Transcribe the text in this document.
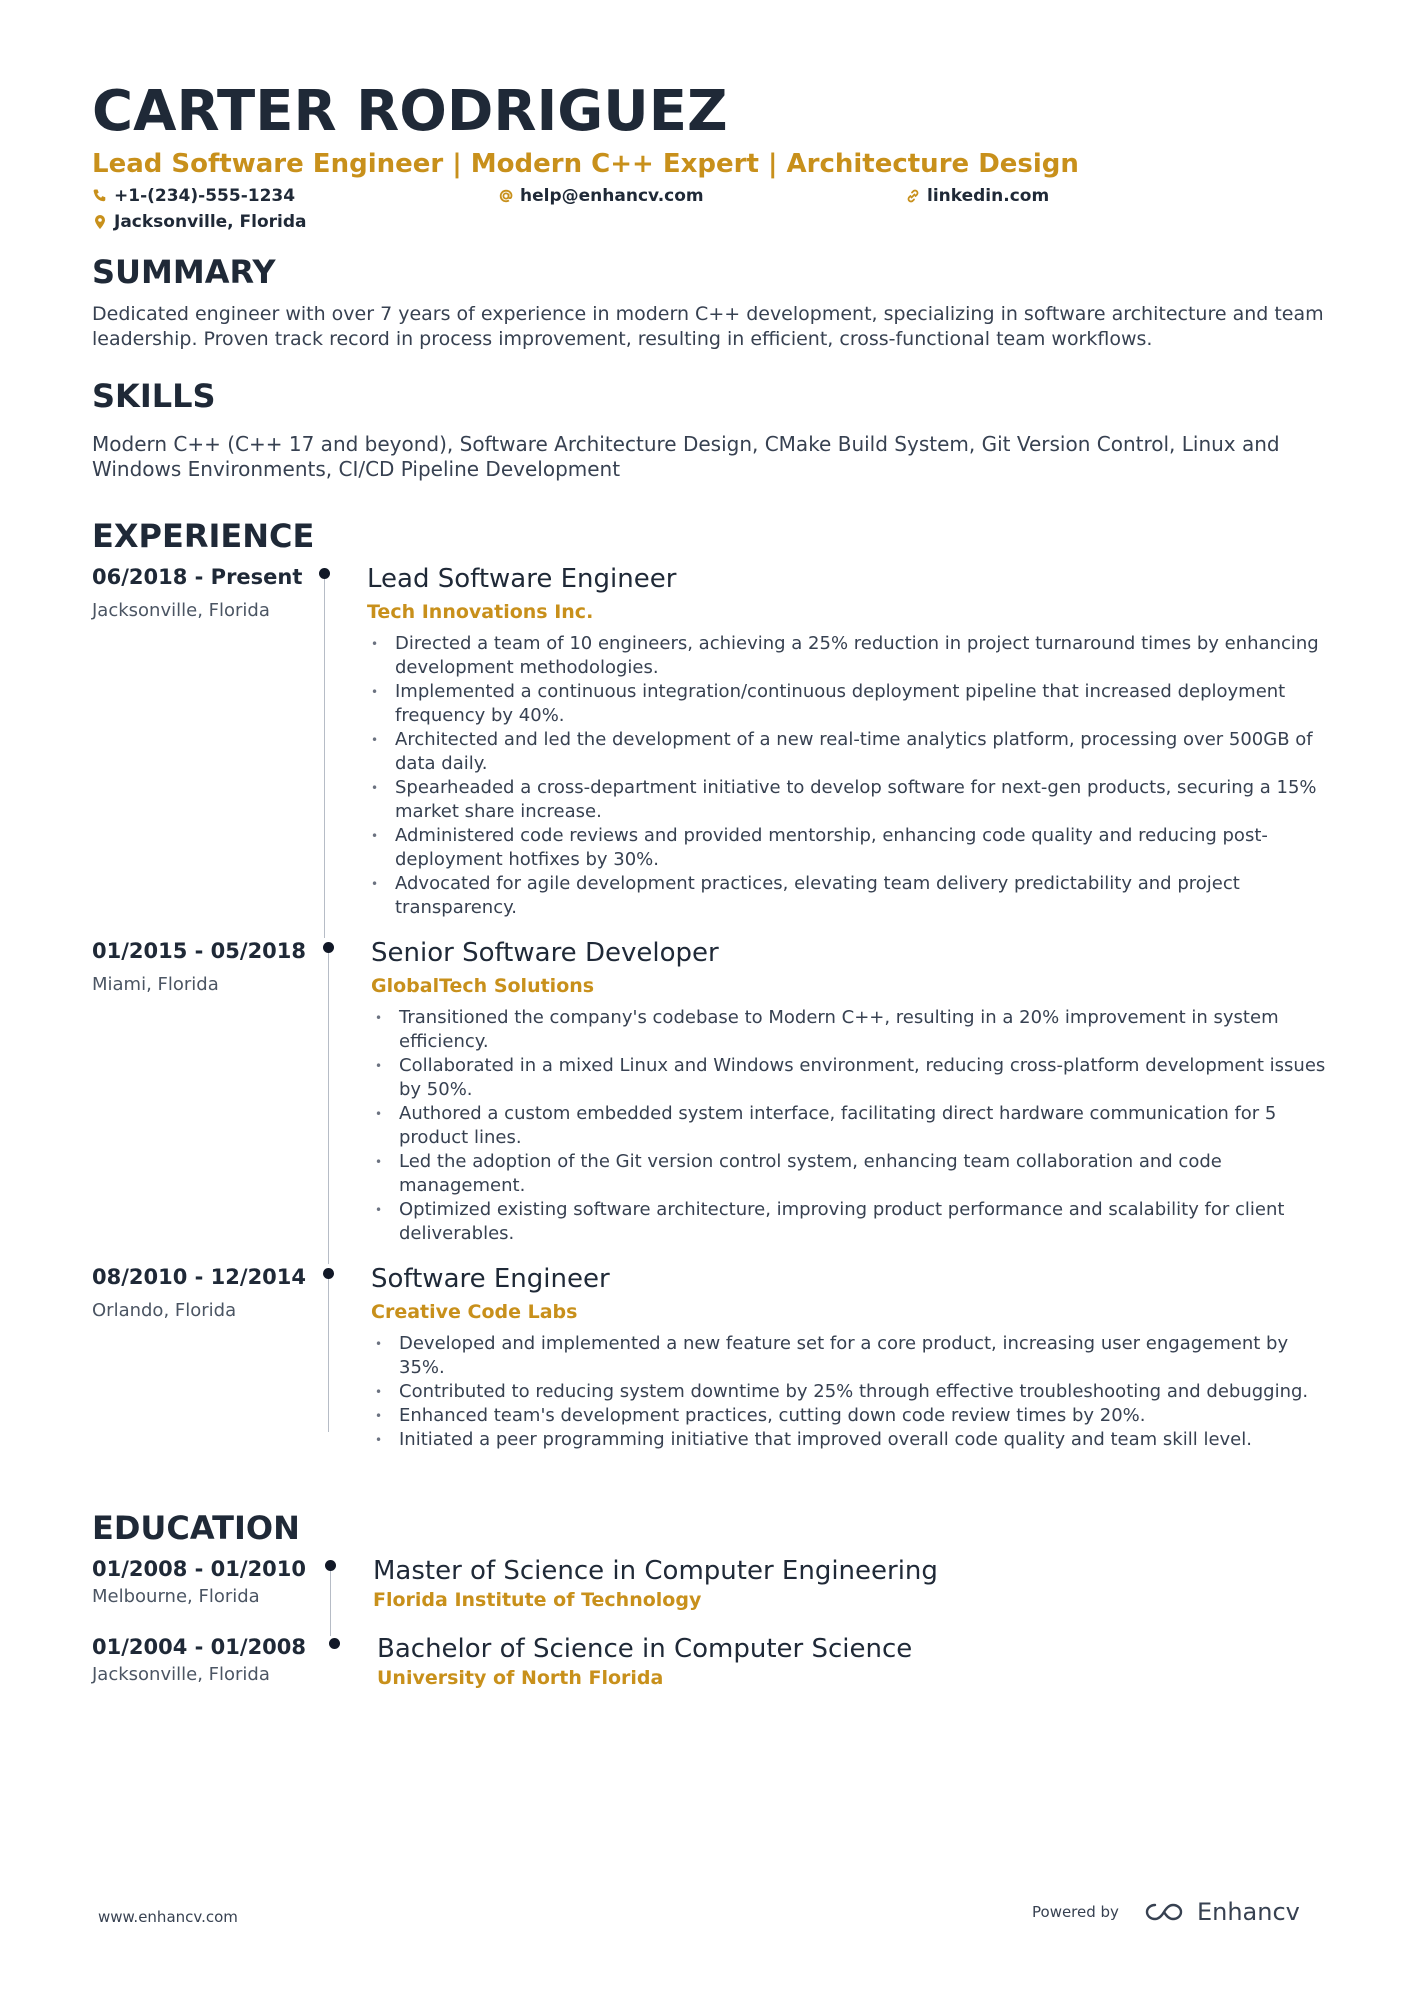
CARTER RODRIGUEZ
Lead Software Engineer | Modern C++ Expert | Architecture Design
+1-(234)-555-1234	help@enhancv.com	linkedin.com
Jacksonville, Florida
SUMMARY
Dedicated engineer with over 7 years of experience in modern C++ development, specializing in software architecture and team leadership. Proven track record in process improvement, resulting in efficient, cross-functional team workflows.
SKILLS
Modern C++ (C++ 17 and beyond), Software Architecture Design, CMake Build System, Git Version Control, Linux and Windows Environments, CI/CD Pipeline Development
EXPERIENCE
06/2018 - Present
Jacksonville, Florida
Lead Software Engineer
Tech Innovations Inc.
• Directed a team of 10 engineers, achieving a 25% reduction in project turnaround times by enhancing development methodologies.
• Implemented a continuous integration/continuous deployment pipeline that increased deployment frequency by 40%.
• Architected and led the development of a new real-time analytics platform, processing over 500GB of data daily.
• Spearheaded a cross-department initiative to develop software for next-gen products, securing a 15% market share increase.
• Administered code reviews and provided mentorship, enhancing code quality and reducing post-deployment hotfixes by 30%.
• Advocated for agile development practices, elevating team delivery predictability and project transparency.
01/2015 - 05/2018
Miami, Florida
Senior Software Developer
GlobalTech Solutions
• Transitioned the company's codebase to Modern C++, resulting in a 20% improvement in system efficiency.
• Collaborated in a mixed Linux and Windows environment, reducing cross-platform development issues by 50%.
• Authored a custom embedded system interface, facilitating direct hardware communication for 5 product lines.
• Led the adoption of the Git version control system, enhancing team collaboration and code management.
• Optimized existing software architecture, improving product performance and scalability for client deliverables.
08/2010 - 12/2014
Orlando, Florida
Software Engineer
Creative Code Labs
• Developed and implemented a new feature set for a core product, increasing user engagement by 35%.
• Contributed to reducing system downtime by 25% through effective troubleshooting and debugging.
• Enhanced team's development practices, cutting down code review times by 20%.
• Initiated a peer programming initiative that improved overall code quality and team skill level.
EDUCATION
01/2008 - 01/2010
Melbourne, Florida
Master of Science in Computer Engineering
Florida Institute of Technology
01/2004 - 01/2008
Jacksonville, Florida
Bachelor of Science in Computer Science
University of North Florida
www.enhancv.com	Powered by	Enhancv
